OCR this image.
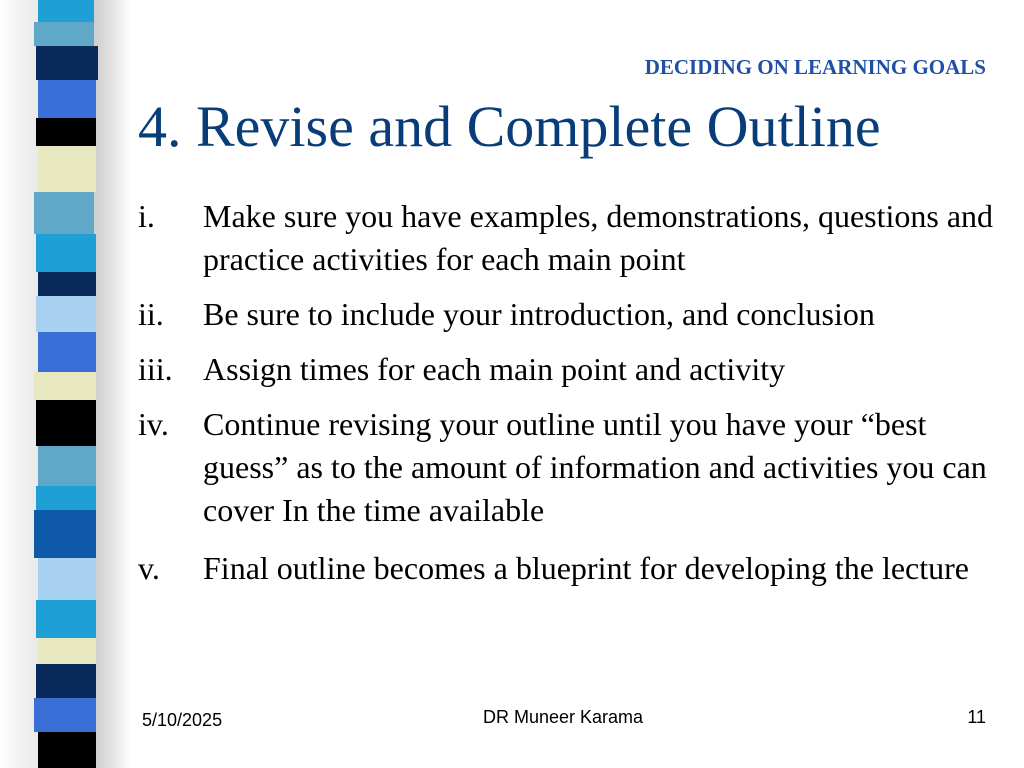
DECIDING ON LEARNING GOALS
4. Revise and Complete Outline
i.	Make sure you have examples, demonstrations, questions and practice activities for each main point
ii.	Be sure to include your introduction, and conclusion
iii. Assign times for each main point and activity
iv.	Continue revising your outline until you have your “best guess” as to the amount of information and activities you can cover In the time available
v.	Final outline becomes a blueprint for developing the lecture
5/10/2025	DR Muneer Karama	11
